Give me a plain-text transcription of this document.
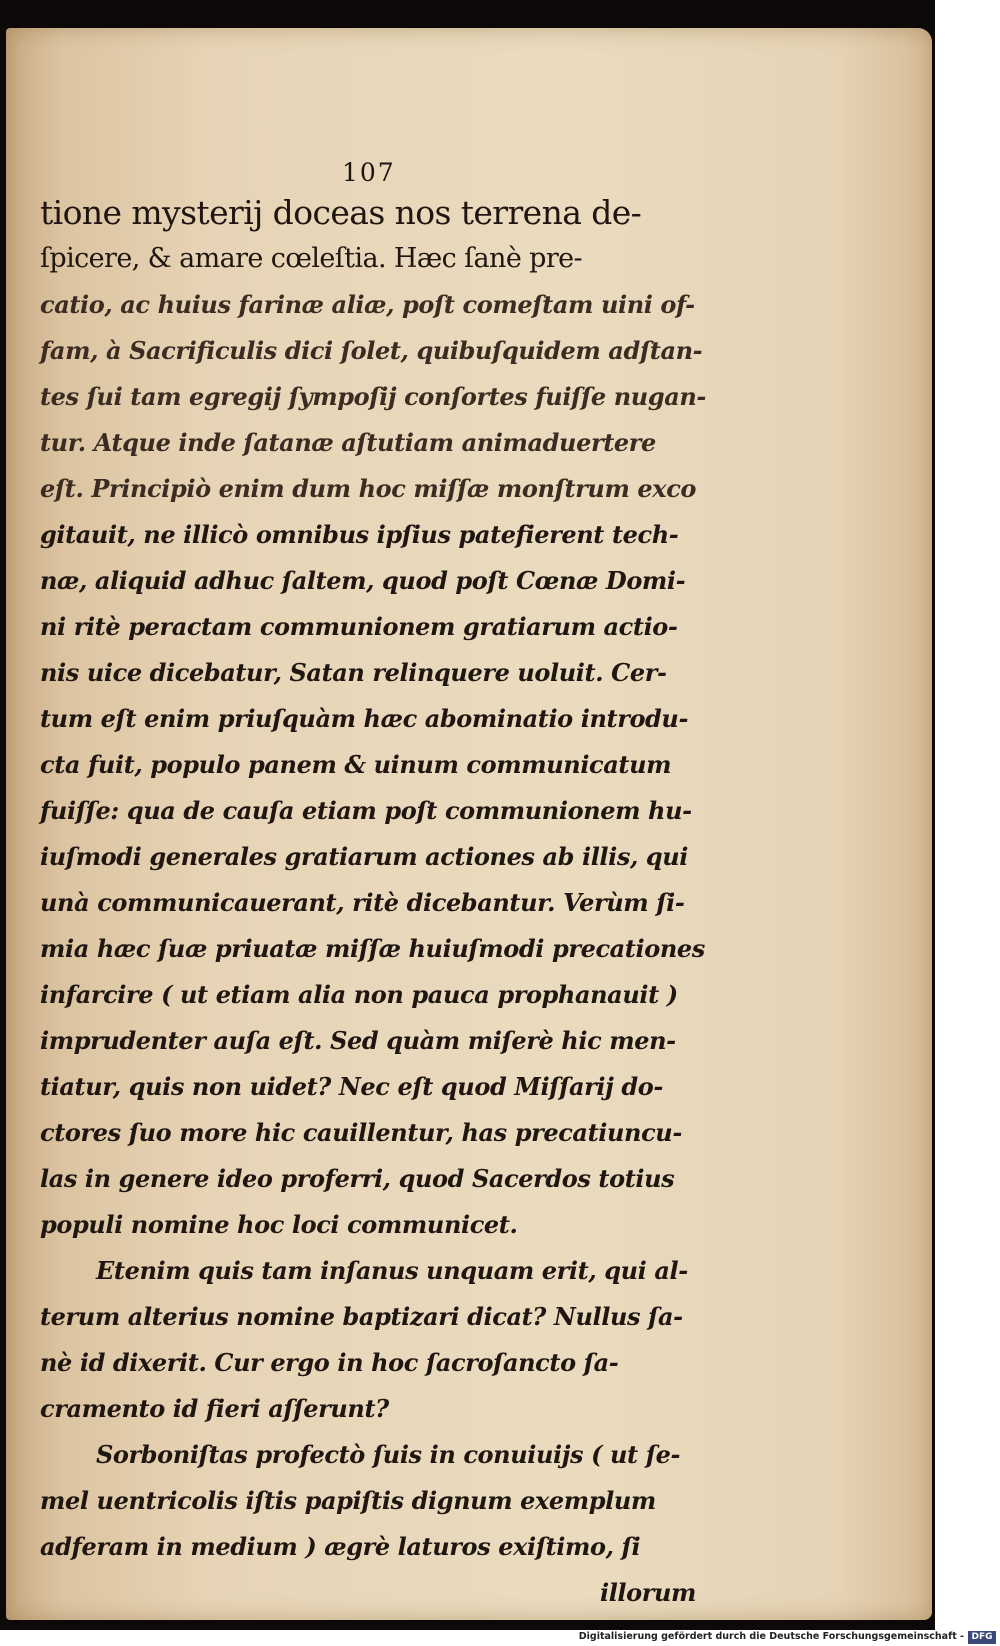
107
tione mysterij doceas nos terrena de-
ſpicere, & amare cœleſtia. Hæc ſanè pre-
catio, ac huius farinæ aliæ, poſt comeſtam uini of-
fam, à Sacrificulis dici ſolet, quibuſquidem adſtan-
tes ſui tam egregij ſympoſij conſortes fuiſſe nugan-
tur. Atque inde ſatanæ aſtutiam animaduertere
eſt. Principiò enim dum hoc miſſæ monſtrum exco
gitauit, ne illicò omnibus ipſius patefierent tech-
næ, aliquid adhuc ſaltem, quod poſt Cœnæ Domi-
ni ritè peractam communionem gratiarum actio-
nis uice dicebatur, Satan relinquere uoluit. Cer-
tum eſt enim priuſquàm hæc abominatio introdu-
cta fuit, populo panem & uinum communicatum
fuiſſe: qua de cauſa etiam poſt communionem hu-
iuſmodi generales gratiarum actiones ab illis, qui
unà communicauerant, ritè dicebantur. Verùm ſi-
mia hæc ſuæ priuatæ miſſæ huiuſmodi precationes
infarcire ( ut etiam alia non pauca prophanauit )
imprudenter auſa eſt. Sed quàm miſerè hic men-
tiatur, quis non uidet? Nec eſt quod Miſſarij do-
ctores ſuo more hic cauillentur, has precatiuncu-
las in genere ideo proferri, quod Sacerdos totius
populi nomine hoc loci communicet.
Etenim quis tam inſanus unquam erit, qui al-
terum alterius nomine baptizari dicat? Nullus ſa-
nè id dixerit. Cur ergo in hoc ſacroſancto ſa-
cramento id fieri aſſerunt?
Sorboniſtas profectò ſuis in conuiuijs ( ut ſe-
mel uentricolis iſtis papiſtis dignum exemplum
adferam in medium ) ægrè laturos exiſtimo, ſi
illorum
Digitalisierung gefördert durch die Deutsche Forschungsgemeinschaft - DFG
